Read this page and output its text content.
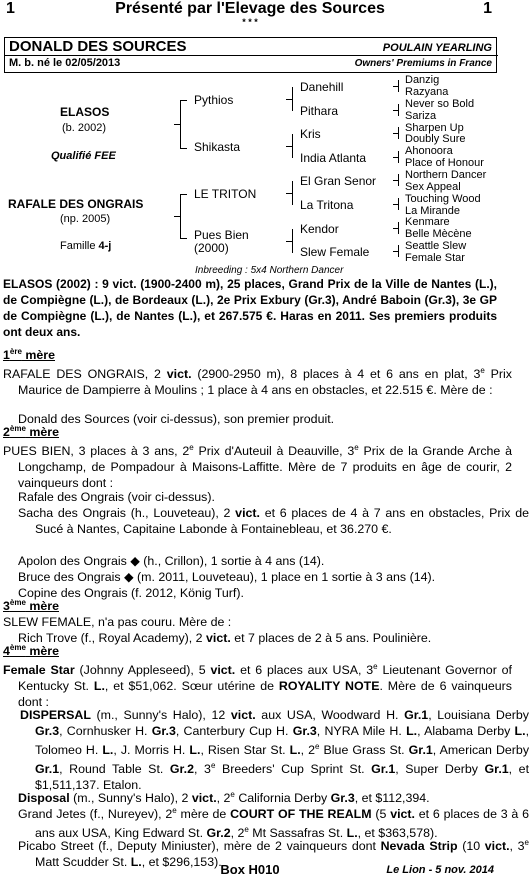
1	Présenté par l'Elevage des Sources	1
* * *
DONALD DES SOURCES	POULAIN YEARLING
M. b. né le 02/05/2013	Owners' Premiums in France
ELASOS
(b. 2002)
Qualifié FEE
RAFALE DES ONGRAIS
(np. 2005)
Famille 4-j
Pythios
Shikasta
LE TRITON
Pues Bien
(2000)
Danehill
Pithara
Kris
India Atlanta
El Gran Senor
La Tritona
Kendor
Slew Female
Danzig
Razyana
Never so Bold
Sariza
Sharpen Up
Doubly Sure
Ahonoora
Place of Honour
Northern Dancer
Sex Appeal
Touching Wood
La Mirande
Kenmare
Belle Mècène
Seattle Slew
Female Star
Inbreeding : 5x4 Northern Dancer
ELASOS (2002) : 9 vict. (1900-2400 m), 25 places, Grand Prix de la Ville de Nantes (L.), de Compiègne (L.), de Bordeaux (L.), 2e Prix Exbury (Gr.3), André Baboin (Gr.3), 3e GP de Compiègne (L.), de Nantes (L.), et 267.575 €. Haras en 2011. Ses premiers produits ont deux ans.
1ère mère
RAFALE DES ONGRAIS, 2 vict. (2900-2950 m), 8 places à 4 et 6 ans en plat, 3e Prix Maurice de Dampierre à Moulins ; 1 place à 4 ans en obstacles, et 22.515 €. Mère de :
Donald des Sources (voir ci-dessus), son premier produit.
2ème mère
PUES BIEN, 3 places à 3 ans, 2e Prix d'Auteuil à Deauville, 3e Prix de la Grande Arche à Longchamp, de Pompadour à Maisons-Laffitte. Mère de 7 produits en âge de courir, 2 vainqueurs dont :
Rafale des Ongrais (voir ci-dessus).
Sacha des Ongrais (h., Louveteau), 2 vict. et 6 places de 4 à 7 ans en obstacles, Prix de Sucé à Nantes, Capitaine Labonde à Fontainebleau, et 36.270 €.
Apolon des Ongrais ◆ (h., Crillon), 1 sortie à 4 ans (14).
Bruce des Ongrais ◆ (m. 2011, Louveteau), 1 place en 1 sortie à 3 ans (14).
Copine des Ongrais (f. 2012, König Turf).
3ème mère
SLEW FEMALE, n'a pas couru. Mère de :
Rich Trove (f., Royal Academy), 2 vict. et 7 places de 2 à 5 ans. Poulinière.
4ème mère
Female Star (Johnny Appleseed), 5 vict. et 6 places aux USA, 3e Lieutenant Governor of Kentucky St. L., et $51,062. Sœur utérine de ROYALITY NOTE. Mère de 6 vainqueurs dont :
DISPERSAL (m., Sunny's Halo), 12 vict. aux USA, Woodward H. Gr.1, Louisiana Derby Gr.3, Cornhusker H. Gr.3, Canterbury Cup H. Gr.3, NYRA Mile H. L., Alabama Derby L., Tolomeo H. L., J. Morris H. L., Risen Star St. L., 2e Blue Grass St. Gr.1, American Derby Gr.1, Round Table St. Gr.2, 3e Breeders' Cup Sprint St. Gr.1, Super Derby Gr.1, et $1,511,137. Etalon.
Disposal (m., Sunny's Halo), 2 vict., 2e California Derby Gr.3, et $112,394.
Grand Jetes (f., Nureyev), 2e mère de COURT OF THE REALM (5 vict. et 6 places de 3 à 6 ans aux USA, King Edward St. Gr.2, 2e Mt Sassafras St. L., et $363,578).
Picabo Street (f., Deputy Miniuster), mère de 2 vainqueurs dont Nevada Strip (10 vict., 3e Matt Scudder St. L., et $296,153).
Box H010	Le Lion - 5 nov. 2014
